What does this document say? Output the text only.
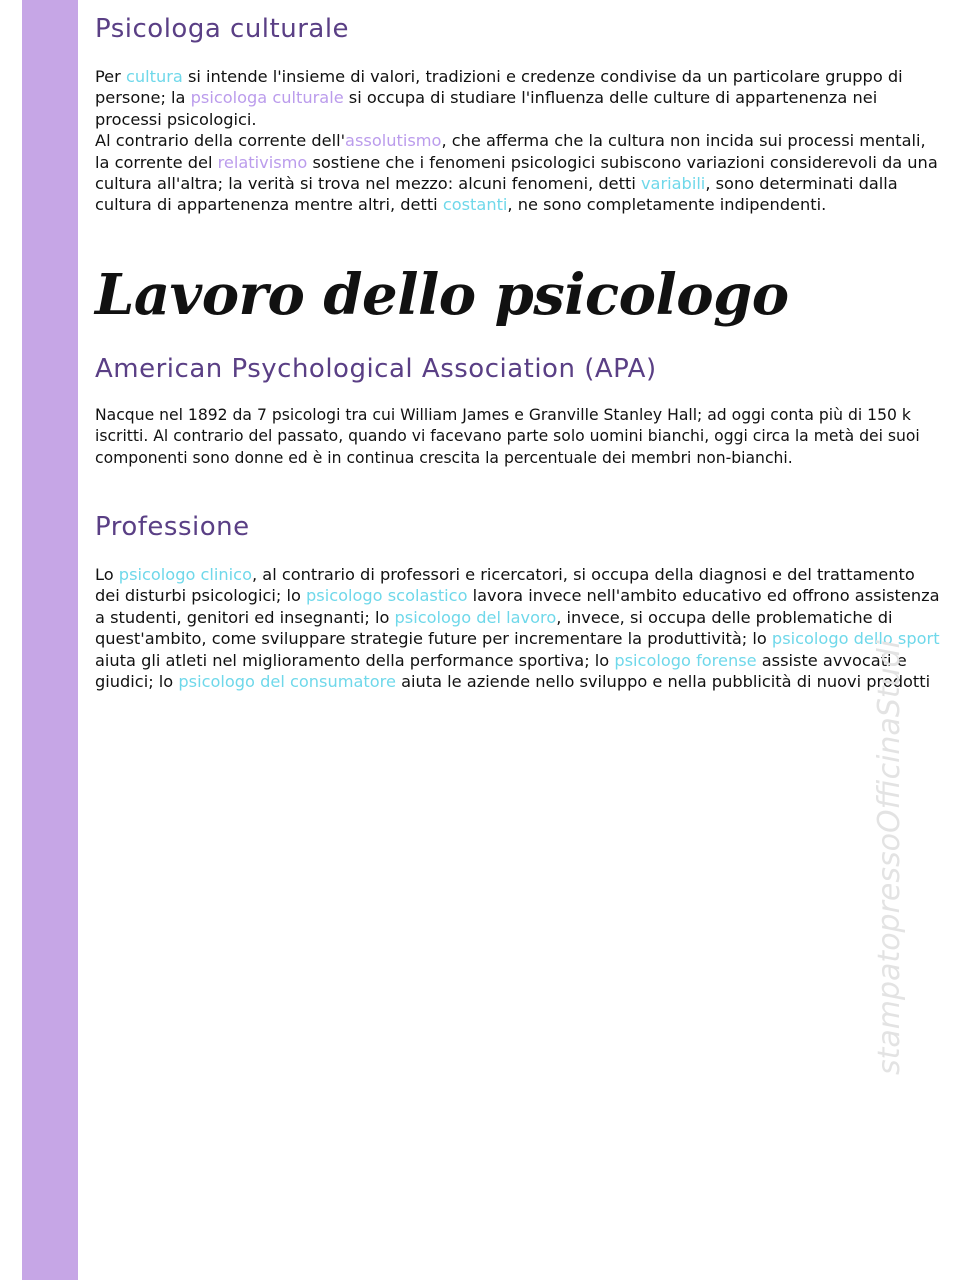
Psicologa culturale

Per cultura si intende l'insieme di valori, tradizioni e credenze condivise da un particolare gruppo di persone; la psicologa culturale si occupa di studiare l'influenza delle culture di appartenenza nei processi psicologici.
Al contrario della corrente dell'assolutismo, che afferma che la cultura non incida sui processi mentali, la corrente del relativismo sostiene che i fenomeni psicologici subiscono variazioni considerevoli da una cultura all'altra; la verità si trova nel mezzo: alcuni fenomeni, detti variabili, sono determinati dalla cultura di appartenenza mentre altri, detti costanti, ne sono completamente indipendenti.

Lavoro dello psicologo
American Psychological Association (APA)

Nacque nel 1892 da 7 psicologi tra cui William James e Granville Stanley Hall; ad oggi conta più di 150 k iscritti. Al contrario del passato, quando vi facevano parte solo uomini bianchi, oggi circa la metà dei suoi componenti sono donne ed è in continua crescita la percentuale dei membri non-bianchi.

Professione

Lo psicologo clinico, al contrario di professori e ricercatori, si occupa della diagnosi e del trattamento dei disturbi psicologici; lo psicologo scolastico lavora invece nell'ambito educativo ed offrono assistenza a studenti, genitori ed insegnanti; lo psicologo del lavoro, invece, si occupa delle problematiche di quest'ambito, come sviluppare strategie future per incrementare la produttività; lo psicologo dello sport aiuta gli atleti nel miglioramento della performance sportiva; lo psicologo forense assiste avvocati e giudici; lo psicologo del consumatore aiuta le aziende nello sviluppo e nella pubblicità di nuovi prodotti

stampatopressoOfficinaStudi
